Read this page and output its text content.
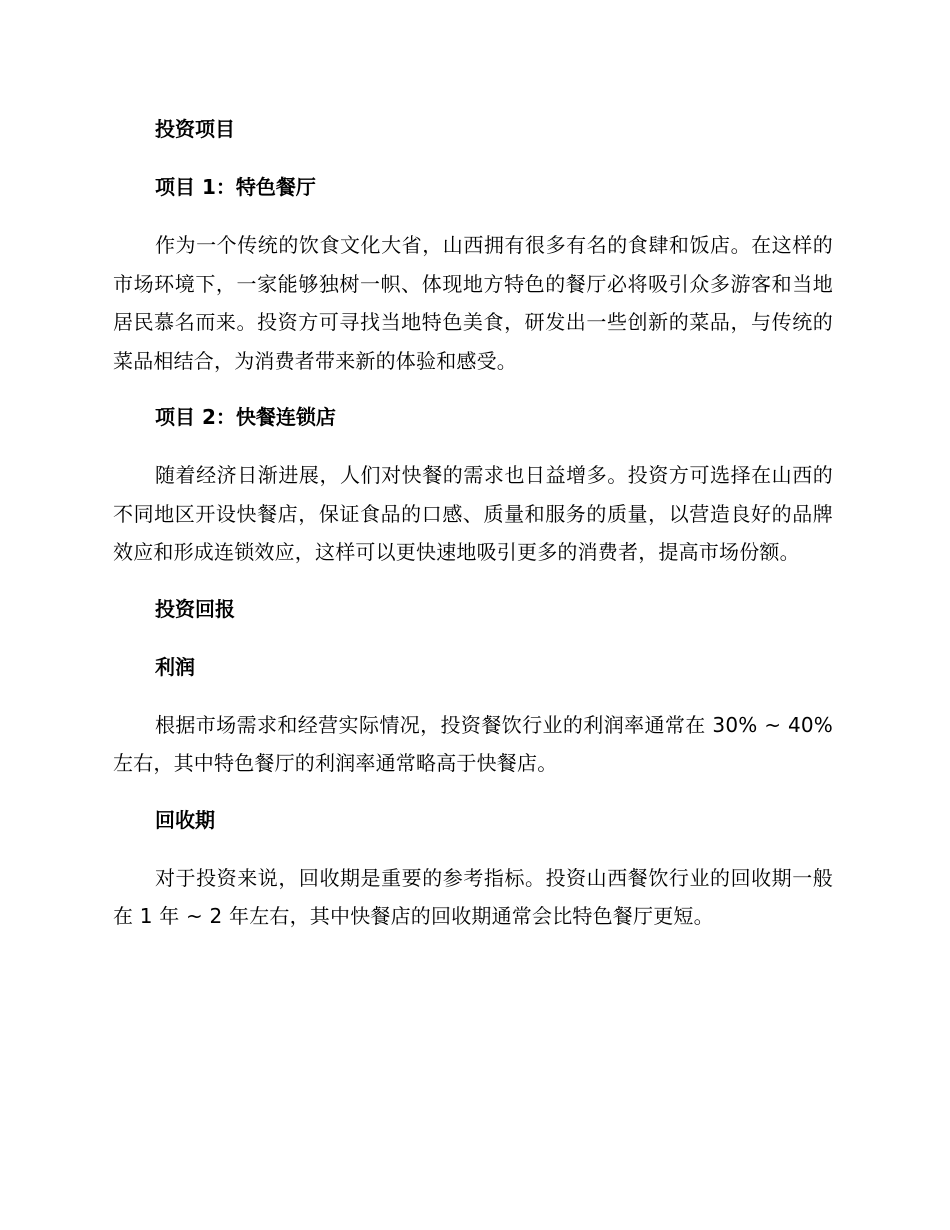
投资项目
项目 1：特色餐厅
作为一个传统的饮食文化大省，山西拥有很多有名的食肆和饭店。在这样的市场环境下，一家能够独树一帜、体现地方特色的餐厅必将吸引众多游客和当地居民慕名而来。投资方可寻找当地特色美食，研发出一些创新的菜品，与传统的菜品相结合，为消费者带来新的体验和感受。
项目 2：快餐连锁店
随着经济日渐进展，人们对快餐的需求也日益增多。投资方可选择在山西的不同地区开设快餐店，保证食品的口感、质量和服务的质量，以营造良好的品牌效应和形成连锁效应，这样可以更快速地吸引更多的消费者，提高市场份额。
投资回报
利润
根据市场需求和经营实际情况，投资餐饮行业的利润率通常在 30% ~ 40%左右，其中特色餐厅的利润率通常略高于快餐店。
回收期
对于投资来说，回收期是重要的参考指标。投资山西餐饮行业的回收期一般在 1 年 ~ 2 年左右，其中快餐店的回收期通常会比特色餐厅更短。
